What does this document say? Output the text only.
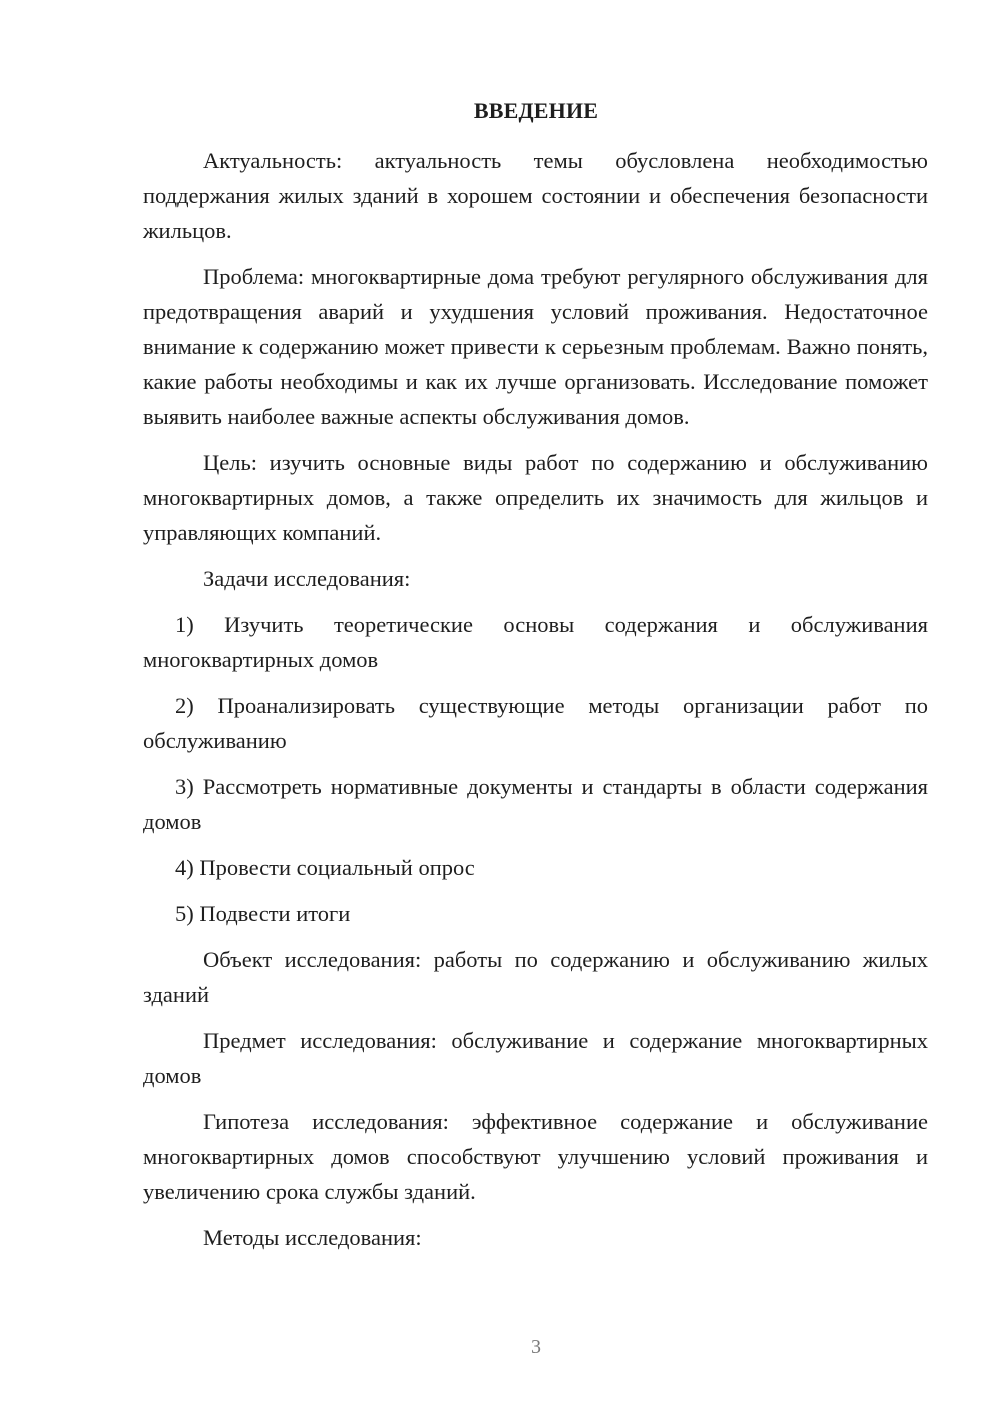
ВВЕДЕНИЕ

Актуальность: актуальность темы обусловлена необходимостью поддержания жилых зданий в хорошем состоянии и обеспечения безопасности жильцов.

Проблема: многоквартирные дома требуют регулярного обслуживания для предотвращения аварий и ухудшения условий проживания. Недостаточное внимание к содержанию может привести к серьезным проблемам. Важно понять, какие работы необходимы и как их лучше организовать. Исследование поможет выявить наиболее важные аспекты обслуживания домов.

Цель: изучить основные виды работ по содержанию и обслуживанию многоквартирных домов, а также определить их значимость для жильцов и управляющих компаний.

Задачи исследования:

1) Изучить теоретические основы содержания и обслуживания многоквартирных домов

2) Проанализировать существующие методы организации работ по обслуживанию

3) Рассмотреть нормативные документы и стандарты в области содержания домов

4) Провести социальный опрос

5) Подвести итоги

Объект исследования: работы по содержанию и обслуживанию жилых зданий

Предмет исследования: обслуживание и содержание многоквартирных домов

Гипотеза исследования: эффективное содержание и обслуживание многоквартирных домов способствуют улучшению условий проживания и увеличению срока службы зданий.

Методы исследования:

3
